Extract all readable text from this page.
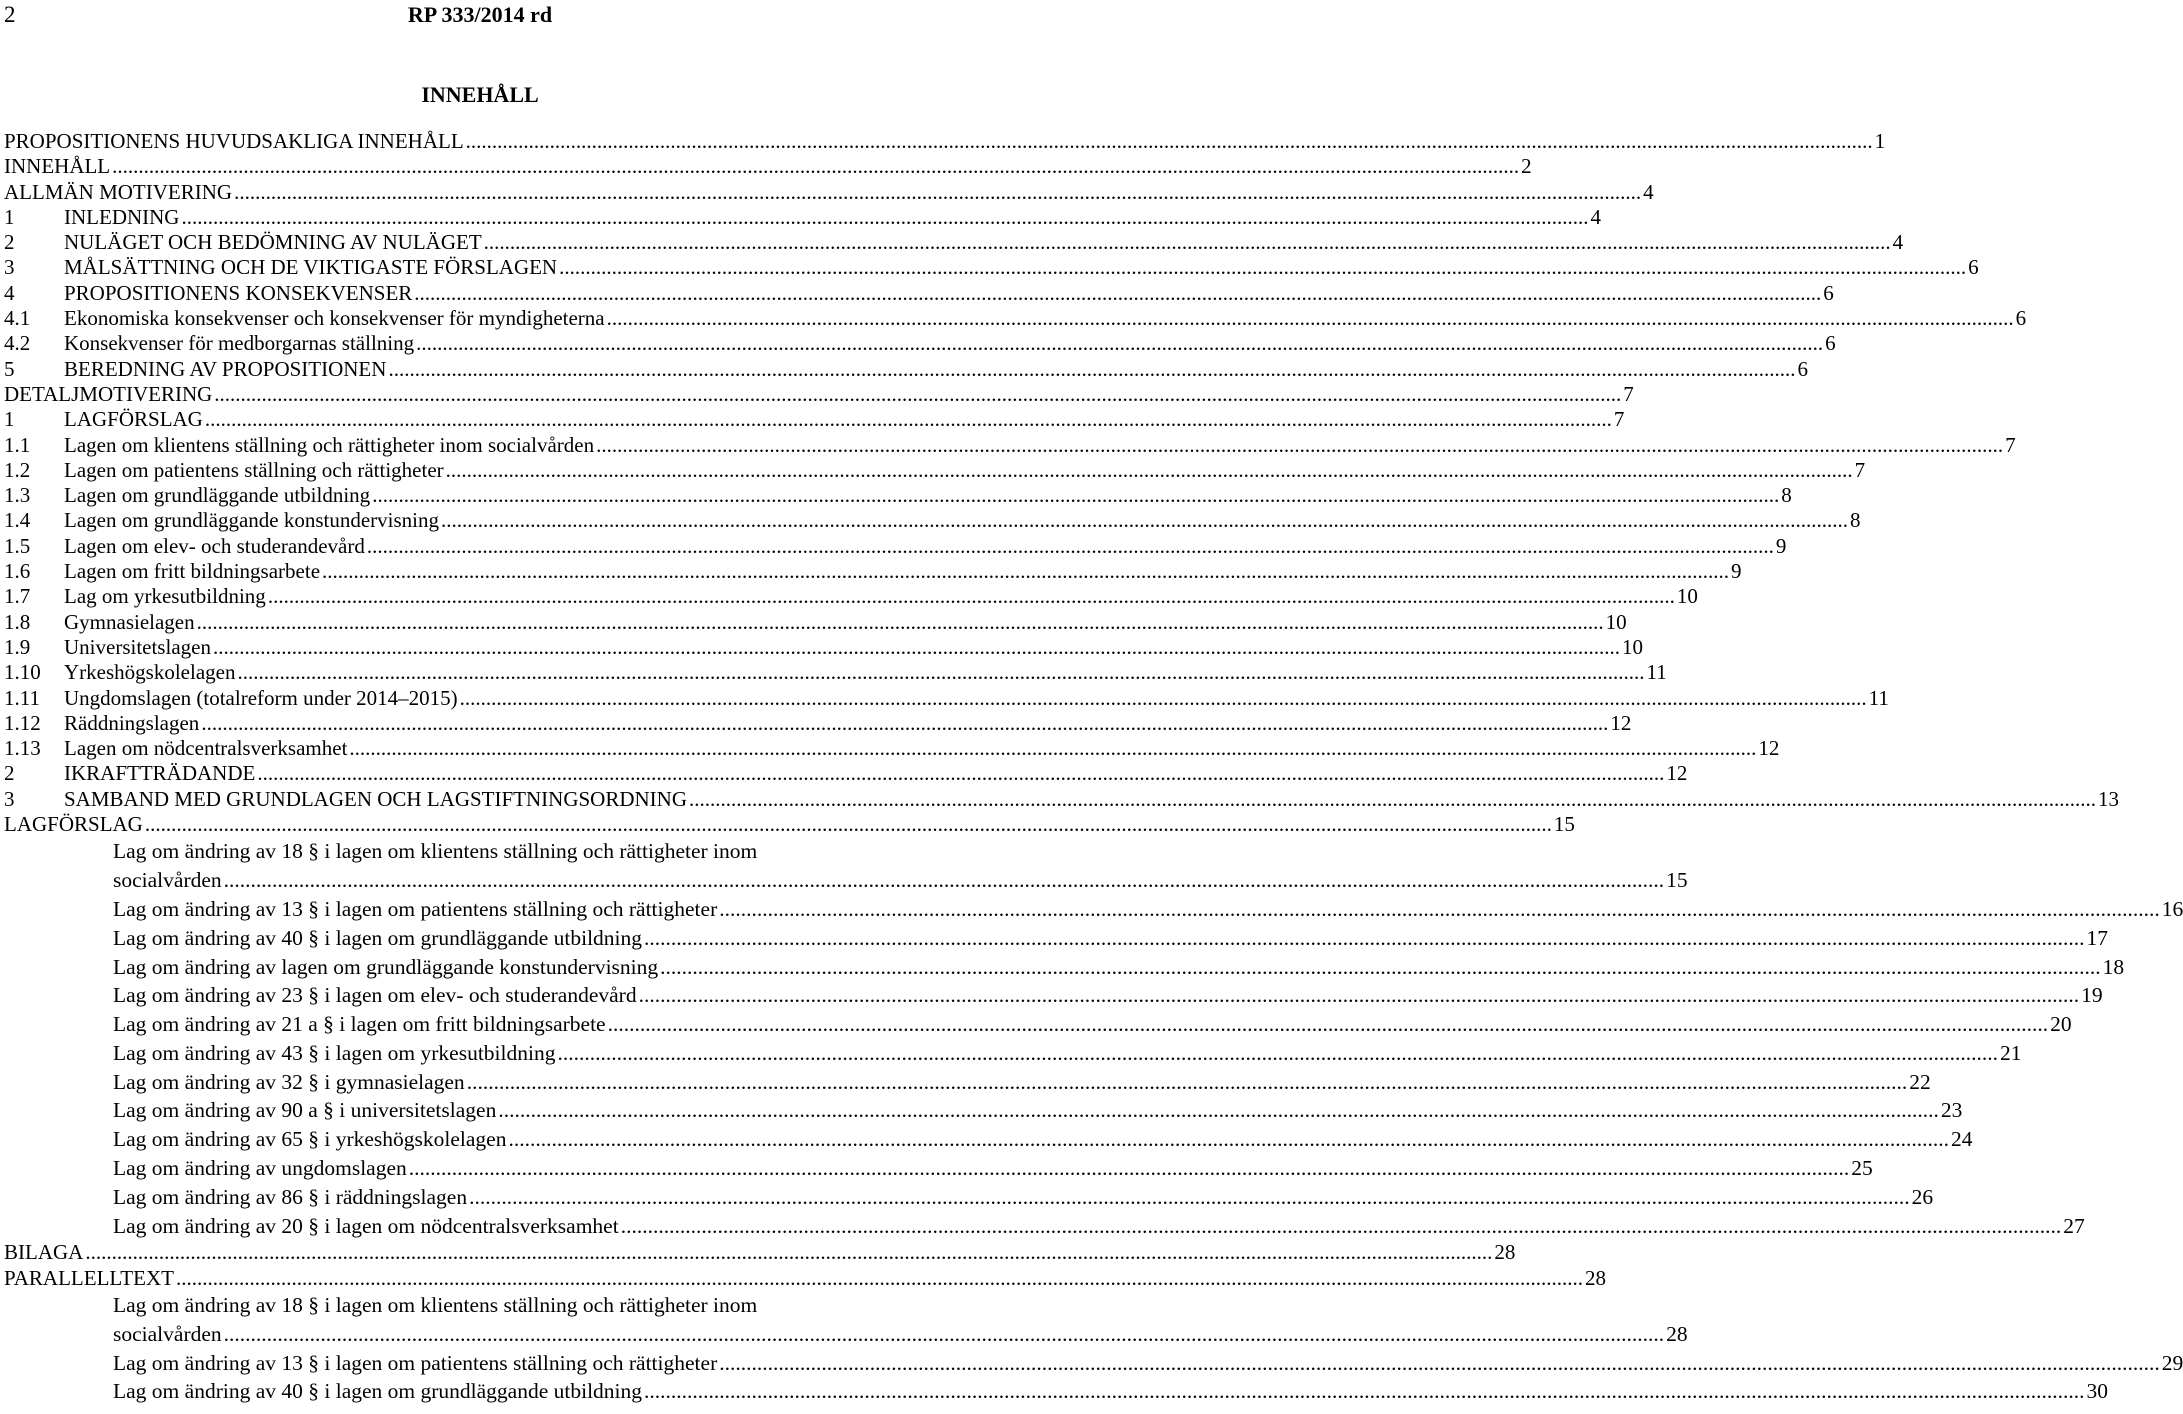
2	RP 333/2014 rd
INNEHÅLL
PROPOSITIONENS HUVUDSAKLIGA INNEHÅLL .....	1
INNEHÅLL .....	2
ALLMÄN MOTIVERING .....	4
1	INLEDNING .....	4
2	NULÄGET OCH BEDÖMNING AV NULÄGET .....	4
3	MÅLSÄTTNING OCH DE VIKTIGASTE FÖRSLAGEN .....	6
4	PROPOSITIONENS KONSEKVENSER .....	6
4.1	Ekonomiska konsekvenser och konsekvenser för myndigheterna .....	6
4.2	Konsekvenser för medborgarnas ställning .....	6
5	BEREDNING AV PROPOSITIONEN .....	6
DETALJMOTIVERING .....	7
1	LAGFÖRSLAG .....	7
1.1	Lagen om klientens ställning och rättigheter inom socialvården .....	7
1.2	Lagen om patientens ställning och rättigheter .....	7
1.3	Lagen om grundläggande utbildning .....	8
1.4	Lagen om grundläggande konstundervisning .....	8
1.5	Lagen om elev- och studerandevård .....	9
1.6	Lagen om fritt bildningsarbete .....	9
1.7	Lag om yrkesutbildning .....	10
1.8	Gymnasielagen .....	10
1.9	Universitetslagen .....	10
1.10	Yrkeshögskolelagen .....	11
1.11	Ungdomslagen (totalreform under 2014–2015) .....	11
1.12	Räddningslagen .....	12
1.13	Lagen om nödcentralsverksamhet .....	12
2	IKRAFTTRÄDANDE .....	12
3	SAMBAND MED GRUNDLAGEN OCH LAGSTIFTNINGSORDNING .....	13
LAGFÖRSLAG .....	15
Lag om ändring av 18 § i lagen om klientens ställning och rättigheter inom
socialvården .....	15
Lag om ändring av 13 § i lagen om patientens ställning och rättigheter .....	16
Lag om ändring av 40 § i lagen om grundläggande utbildning .....	17
Lag om ändring av lagen om grundläggande konstundervisning .....	18
Lag om ändring av 23 § i lagen om elev- och studerandevård .....	19
Lag om ändring av 21 a § i lagen om fritt bildningsarbete .....	20
Lag om ändring av 43 § i lagen om yrkesutbildning .....	21
Lag om ändring av 32 § i gymnasielagen .....	22
Lag om ändring av 90 a § i universitetslagen .....	23
Lag om ändring av 65 § i yrkeshögskolelagen .....	24
Lag om ändring av ungdomslagen .....	25
Lag om ändring av 86 § i räddningslagen .....	26
Lag om ändring av 20 § i lagen om nödcentralsverksamhet .....	27
BILAGA .....	28
PARALLELLTEXT .....	28
Lag om ändring av 18 § i lagen om klientens ställning och rättigheter inom
socialvården .....	28
Lag om ändring av 13 § i lagen om patientens ställning och rättigheter .....	29
Lag om ändring av 40 § i lagen om grundläggande utbildning .....	30
